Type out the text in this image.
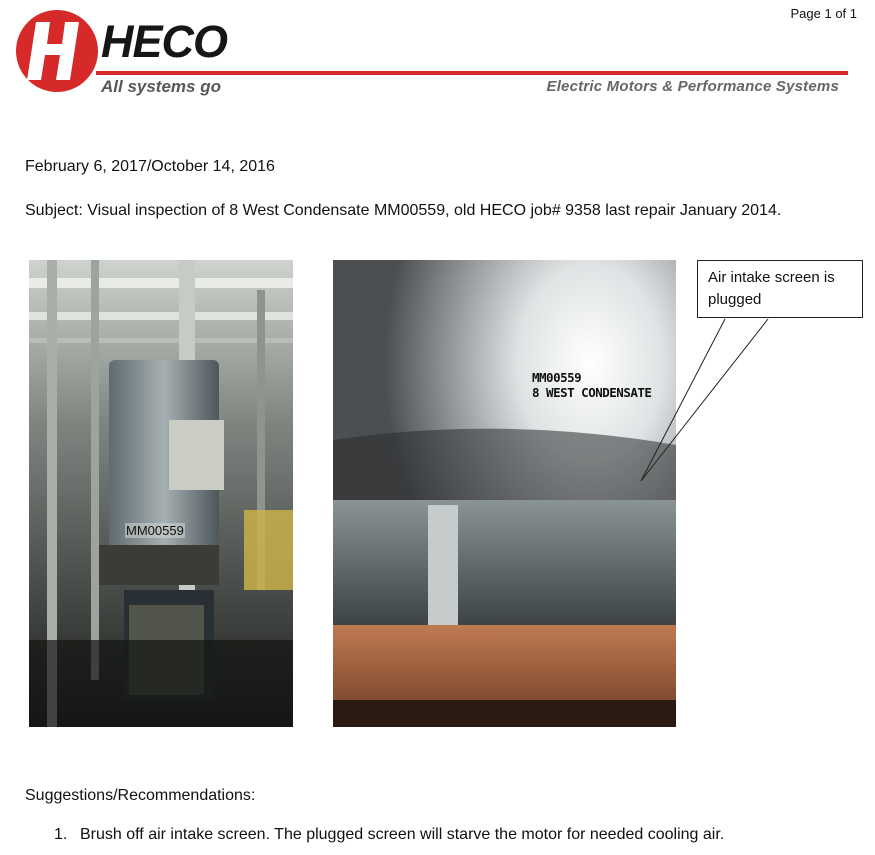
Page 1 of 1
HECO
All systems go	Electric Motors & Performance Systems
February 6, 2017/October 14, 2016
Subject: Visual inspection of 8 West Condensate MM00559, old HECO job# 9358 last repair January 2014.
MM00559
MM00559
8 WEST CONDENSATE
Air intake screen is plugged
Suggestions/Recommendations:
1. Brush off air intake screen. The plugged screen will starve the motor for needed cooling air.
